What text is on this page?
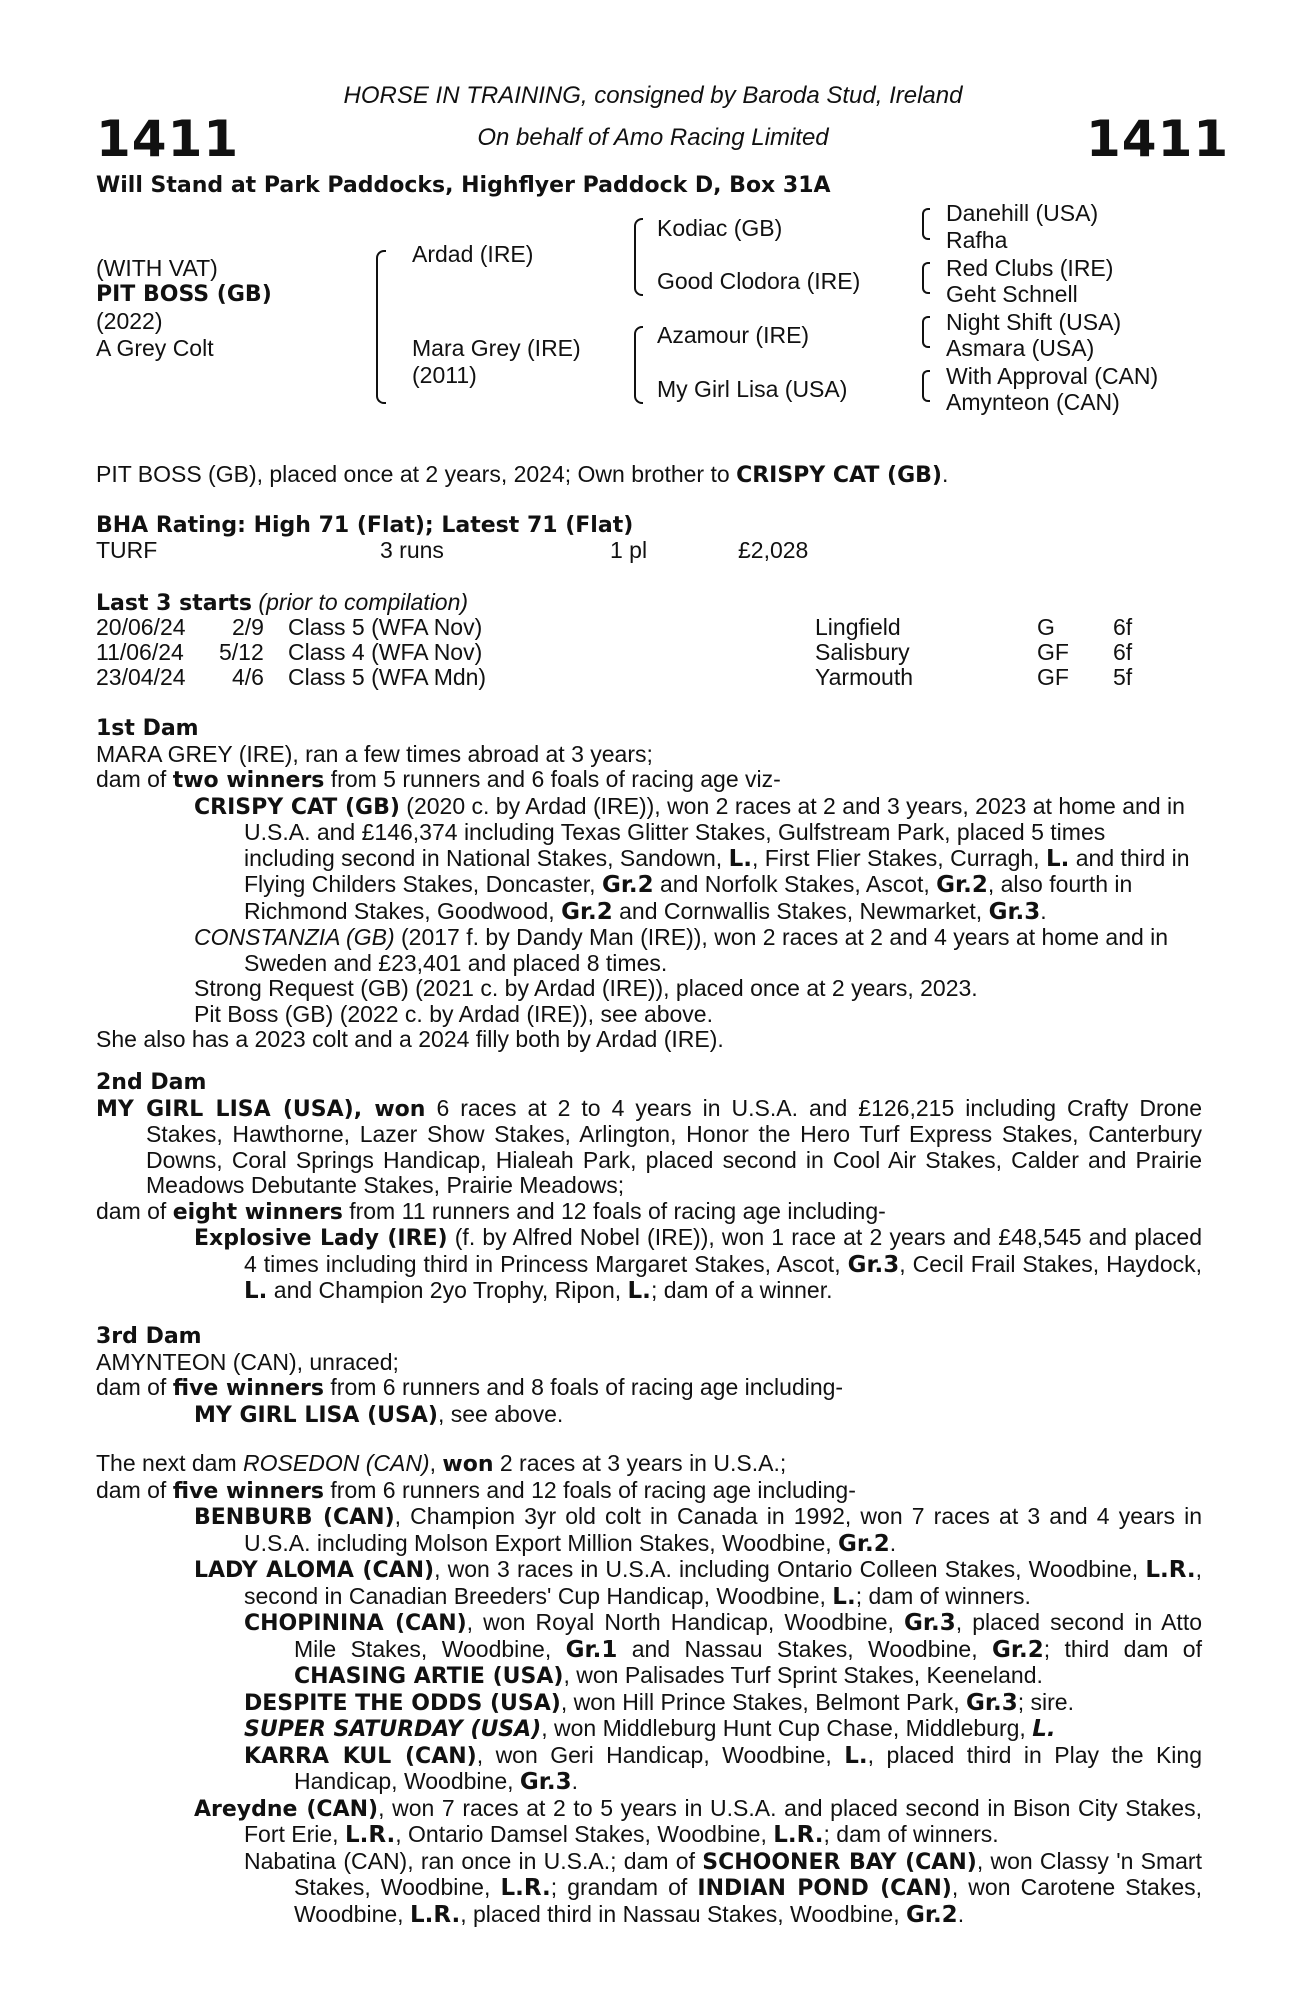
1411	1411
HORSE IN TRAINING, consigned by Baroda Stud, Ireland
On behalf of Amo Racing Limited
Will Stand at Park Paddocks, Highflyer Paddock D, Box 31A
(WITH VAT)
PIT BOSS (GB)
(2022)
A Grey Colt
Ardad (IRE)
Mara Grey (IRE)
(2011)
Kodiac (GB)
Good Clodora (IRE)
Azamour (IRE)
My Girl Lisa (USA)
Danehill (USA)
Rafha
Red Clubs (IRE)
Geht Schnell
Night Shift (USA)
Asmara (USA)
With Approval (CAN)
Amynteon (CAN)
PIT BOSS (GB), placed once at 2 years, 2024; Own brother to CRISPY CAT (GB).
BHA Rating: High 71 (Flat); Latest 71 (Flat)
TURF	3 runs	1 pl	£2,028
Last 3 starts (prior to compilation)
20/06/24 2/9 Class 5 (WFA Nov)	Lingfield	G	6f
11/06/24 5/12 Class 4 (WFA Nov)	Salisbury	GF 6f
23/04/24 4/6 Class 5 (WFA Mdn)	Yarmouth	GF 5f

1st Dam

MARA GREY (IRE), ran a few times abroad at 3 years;

dam of two winners from 5 runners and 6 foals of racing age viz-

CRISPY CAT (GB) (2020 c. by Ardad (IRE)), won 2 races at 2 and 3 years, 2023 at home and in U.S.A. and £146,374 including Texas Glitter Stakes, Gulfstream Park, placed 5 times including second in National Stakes, Sandown, L., First Flier Stakes, Curragh, L. and third in Flying Childers Stakes, Doncaster, Gr.2 and Norfolk Stakes, Ascot, Gr.2, also fourth in Richmond Stakes, Goodwood, Gr.2 and Cornwallis Stakes, Newmarket, Gr.3.

CONSTANZIA (GB) (2017 f. by Dandy Man (IRE)), won 2 races at 2 and 4 years at home and in Sweden and £23,401 and placed 8 times.

Strong Request (GB) (2021 c. by Ardad (IRE)), placed once at 2 years, 2023.

Pit Boss (GB) (2022 c. by Ardad (IRE)), see above.

She also has a 2023 colt and a 2024 filly both by Ardad (IRE).

2nd Dam

MY GIRL LISA (USA), won 6 races at 2 to 4 years in U.S.A. and £126,215 including Crafty Drone Stakes, Hawthorne, Lazer Show Stakes, Arlington, Honor the Hero Turf Express Stakes, Canterbury Downs, Coral Springs Handicap, Hialeah Park, placed second in Cool Air Stakes, Calder and Prairie Meadows Debutante Stakes, Prairie Meadows;

dam of eight winners from 11 runners and 12 foals of racing age including-

Explosive Lady (IRE) (f. by Alfred Nobel (IRE)), won 1 race at 2 years and £48,545 and placed 4 times including third in Princess Margaret Stakes, Ascot, Gr.3, Cecil Frail Stakes, Haydock, L. and Champion 2yo Trophy, Ripon, L.; dam of a winner.

3rd Dam

AMYNTEON (CAN), unraced;

dam of five winners from 6 runners and 8 foals of racing age including-

MY GIRL LISA (USA), see above.

The next dam ROSEDON (CAN), won 2 races at 3 years in U.S.A.;

dam of five winners from 6 runners and 12 foals of racing age including-

BENBURB (CAN), Champion 3yr old colt in Canada in 1992, won 7 races at 3 and 4 years in U.S.A. including Molson Export Million Stakes, Woodbine, Gr.2.

LADY ALOMA (CAN), won 3 races in U.S.A. including Ontario Colleen Stakes, Woodbine, L.R., second in Canadian Breeders' Cup Handicap, Woodbine, L.; dam of winners.

CHOPININA (CAN), won Royal North Handicap, Woodbine, Gr.3, placed second in Atto Mile Stakes, Woodbine, Gr.1 and Nassau Stakes, Woodbine, Gr.2; third dam of CHASING ARTIE (USA), won Palisades Turf Sprint Stakes, Keeneland.

DESPITE THE ODDS (USA), won Hill Prince Stakes, Belmont Park, Gr.3; sire.

SUPER SATURDAY (USA), won Middleburg Hunt Cup Chase, Middleburg, L.

KARRA KUL (CAN), won Geri Handicap, Woodbine, L., placed third in Play the King Handicap, Woodbine, Gr.3.

Areydne (CAN), won 7 races at 2 to 5 years in U.S.A. and placed second in Bison City Stakes, Fort Erie, L.R., Ontario Damsel Stakes, Woodbine, L.R.; dam of winners.

Nabatina (CAN), ran once in U.S.A.; dam of SCHOONER BAY (CAN), won Classy 'n Smart Stakes, Woodbine, L.R.; grandam of INDIAN POND (CAN), won Carotene Stakes, Woodbine, L.R., placed third in Nassau Stakes, Woodbine, Gr.2.
